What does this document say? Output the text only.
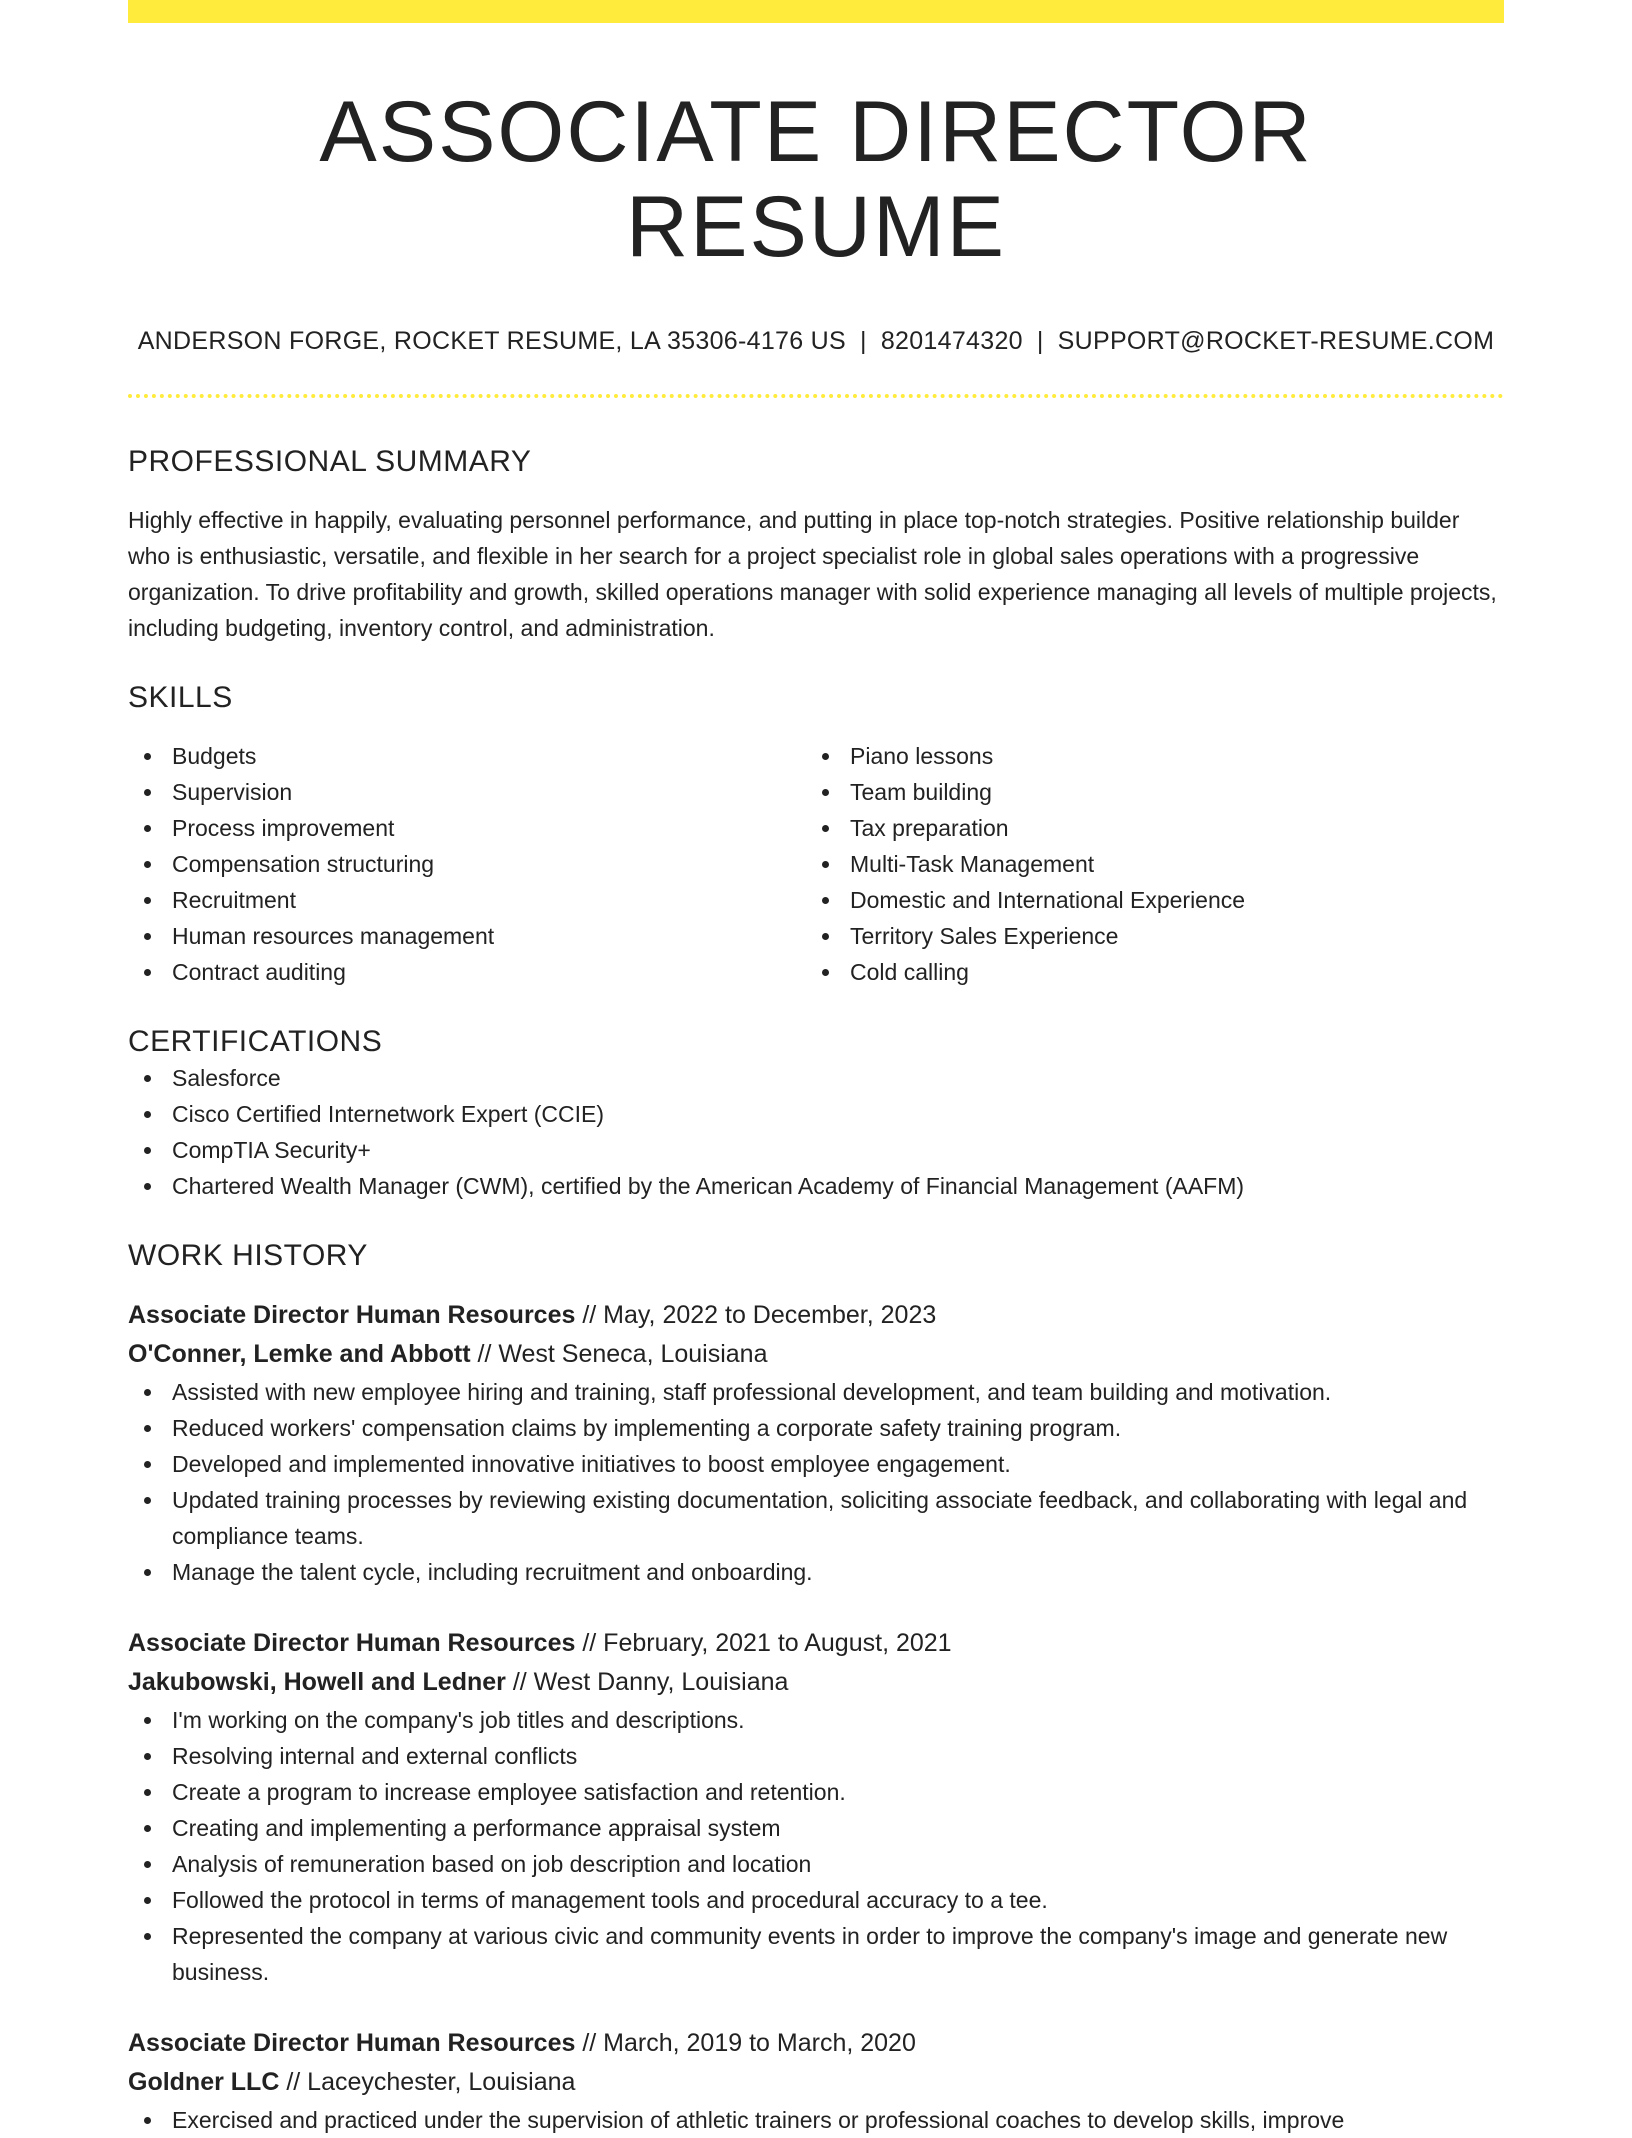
ASSOCIATE DIRECTOR RESUME
ANDERSON FORGE, ROCKET RESUME, LA 35306-4176 US | 8201474320 | SUPPORT@ROCKET-RESUME.COM
PROFESSIONAL SUMMARY
Highly effective in happily, evaluating personnel performance, and putting in place top-notch strategies. Positive relationship builder who is enthusiastic, versatile, and flexible in her search for a project specialist role in global sales operations with a progressive organization. To drive profitability and growth, skilled operations manager with solid experience managing all levels of multiple projects, including budgeting, inventory control, and administration.
SKILLS
Budgets
Supervision
Process improvement
Compensation structuring
Recruitment
Human resources management
Contract auditing
Piano lessons
Team building
Tax preparation
Multi-Task Management
Domestic and International Experience
Territory Sales Experience
Cold calling
CERTIFICATIONS
Salesforce
Cisco Certified Internetwork Expert (CCIE)
CompTIA Security+
Chartered Wealth Manager (CWM), certified by the American Academy of Financial Management (AAFM)
WORK HISTORY
Associate Director Human Resources // May, 2022 to December, 2023
O'Conner, Lemke and Abbott // West Seneca, Louisiana
Assisted with new employee hiring and training, staff professional development, and team building and motivation.
Reduced workers' compensation claims by implementing a corporate safety training program.
Developed and implemented innovative initiatives to boost employee engagement.
Updated training processes by reviewing existing documentation, soliciting associate feedback, and collaborating with legal and compliance teams.
Manage the talent cycle, including recruitment and onboarding.
Associate Director Human Resources // February, 2021 to August, 2021
Jakubowski, Howell and Ledner // West Danny, Louisiana
I'm working on the company's job titles and descriptions.
Resolving internal and external conflicts
Create a program to increase employee satisfaction and retention.
Creating and implementing a performance appraisal system
Analysis of remuneration based on job description and location
Followed the protocol in terms of management tools and procedural accuracy to a tee.
Represented the company at various civic and community events in order to improve the company's image and generate new business.
Associate Director Human Resources // March, 2019 to March, 2020
Goldner LLC // Laceychester, Louisiana
Exercised and practiced under the supervision of athletic trainers or professional coaches to develop skills, improve
